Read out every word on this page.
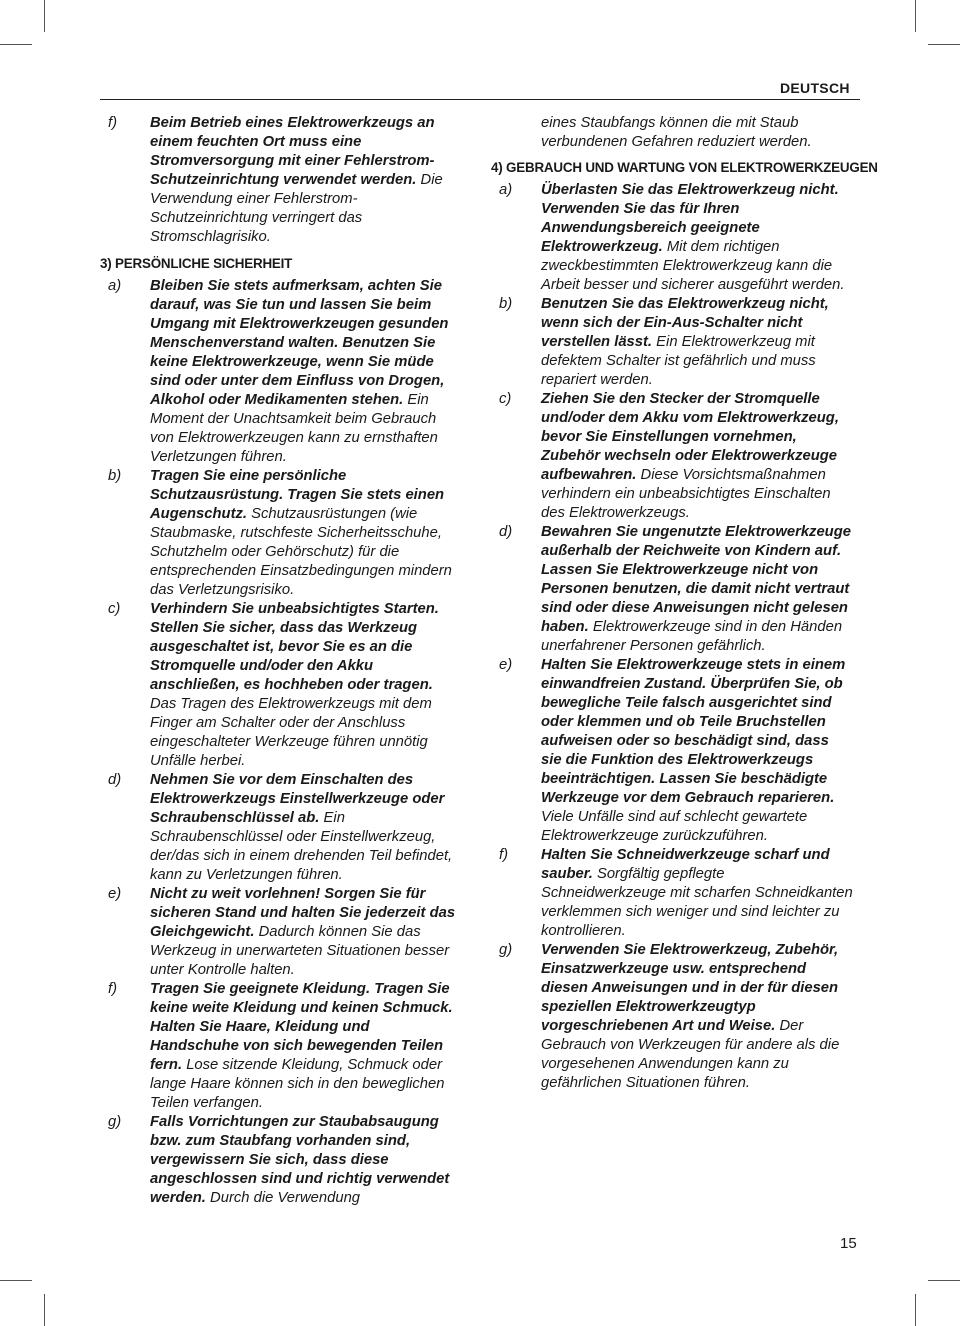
DEUTSCH
f) Beim Betrieb eines Elektrowerkzeugs an einem feuchten Ort muss eine Stromversorgung mit einer Fehlerstrom-Schutzeinrichtung verwendet werden. Die Verwendung einer Fehlerstrom-Schutzeinrichtung verringert das Stromschlagrisiko.
3) PERSÖNLICHE SICHERHEIT
a) Bleiben Sie stets aufmerksam, achten Sie darauf, was Sie tun und lassen Sie beim Umgang mit Elektrowerkzeugen gesunden Menschenverstand walten. Benutzen Sie keine Elektrowerkzeuge, wenn Sie müde sind oder unter dem Einfluss von Drogen, Alkohol oder Medikamenten stehen. Ein Moment der Unachtsamkeit beim Gebrauch von Elektrowerkzeugen kann zu ernsthaften Verletzungen führen.
b) Tragen Sie eine persönliche Schutzausrüstung. Tragen Sie stets einen Augenschutz. Schutzausrüstungen (wie Staubmaske, rutschfeste Sicherheitsschuhe, Schutzhelm oder Gehörschutz) für die entsprechenden Einsatzbedingungen mindern das Verletzungsrisiko.
c) Verhindern Sie unbeabsichtigtes Starten. Stellen Sie sicher, dass das Werkzeug ausgeschaltet ist, bevor Sie es an die Stromquelle und/oder den Akku anschließen, es hochheben oder tragen. Das Tragen des Elektrowerkzeugs mit dem Finger am Schalter oder der Anschluss eingeschalteter Werkzeuge führen unnötig Unfälle herbei.
d) Nehmen Sie vor dem Einschalten des Elektrowerkzeugs Einstellwerkzeuge oder Schraubenschlüssel ab. Ein Schraubenschlüssel oder Einstellwerkzeug, der/das sich in einem drehenden Teil befindet, kann zu Verletzungen führen.
e) Nicht zu weit vorlehnen! Sorgen Sie für sicheren Stand und halten Sie jederzeit das Gleichgewicht. Dadurch können Sie das Werkzeug in unerwarteten Situationen besser unter Kontrolle halten.
f) Tragen Sie geeignete Kleidung. Tragen Sie keine weite Kleidung und keinen Schmuck. Halten Sie Haare, Kleidung und Handschuhe von sich bewegenden Teilen fern. Lose sitzende Kleidung, Schmuck oder lange Haare können sich in den beweglichen Teilen verfangen.
g) Falls Vorrichtungen zur Staubabsaugung bzw. zum Staubfang vorhanden sind, vergewissern Sie sich, dass diese angeschlossen sind und richtig verwendet werden. Durch die Verwendung
eines Staubfangs können die mit Staub verbundenen Gefahren reduziert werden.
4) GEBRAUCH UND WARTUNG VON ELEKTROWERKZEUGEN
a) Überlasten Sie das Elektrowerkzeug nicht. Verwenden Sie das für Ihren Anwendungsbereich geeignete Elektrowerkzeug. Mit dem richtigen zweckbestimmten Elektrowerkzeug kann die Arbeit besser und sicherer ausgeführt werden.
b) Benutzen Sie das Elektrowerkzeug nicht, wenn sich der Ein-Aus-Schalter nicht verstellen lässt. Ein Elektrowerkzeug mit defektem Schalter ist gefährlich und muss repariert werden.
c) Ziehen Sie den Stecker der Stromquelle und/oder dem Akku vom Elektrowerkzeug, bevor Sie Einstellungen vornehmen, Zubehör wechseln oder Elektrowerkzeuge aufbewahren. Diese Vorsichtsmaßnahmen verhindern ein unbeabsichtigtes Einschalten des Elektrowerkzeugs.
d) Bewahren Sie ungenutzte Elektrowerkzeuge außerhalb der Reichweite von Kindern auf. Lassen Sie Elektrowerkzeuge nicht von Personen benutzen, die damit nicht vertraut sind oder diese Anweisungen nicht gelesen haben. Elektrowerkzeuge sind in den Händen unerfahrener Personen gefährlich.
e) Halten Sie Elektrowerkzeuge stets in einem einwandfreien Zustand. Überprüfen Sie, ob bewegliche Teile falsch ausgerichtet sind oder klemmen und ob Teile Bruchstellen aufweisen oder so beschädigt sind, dass sie die Funktion des Elektrowerkzeugs beeinträchtigen. Lassen Sie beschädigte Werkzeuge vor dem Gebrauch reparieren. Viele Unfälle sind auf schlecht gewartete Elektrowerkzeuge zurückzuführen.
f) Halten Sie Schneidwerkzeuge scharf und sauber. Sorgfältig gepflegte Schneidwerkzeuge mit scharfen Schneidkanten verklemmen sich weniger und sind leichter zu kontrollieren.
g) Verwenden Sie Elektrowerkzeug, Zubehör, Einsatzwerkzeuge usw. entsprechend diesen Anweisungen und in der für diesen speziellen Elektrowerkzeugtyp vorgeschriebenen Art und Weise. Der Gebrauch von Werkzeugen für andere als die vorgesehenen Anwendungen kann zu gefährlichen Situationen führen.
15
